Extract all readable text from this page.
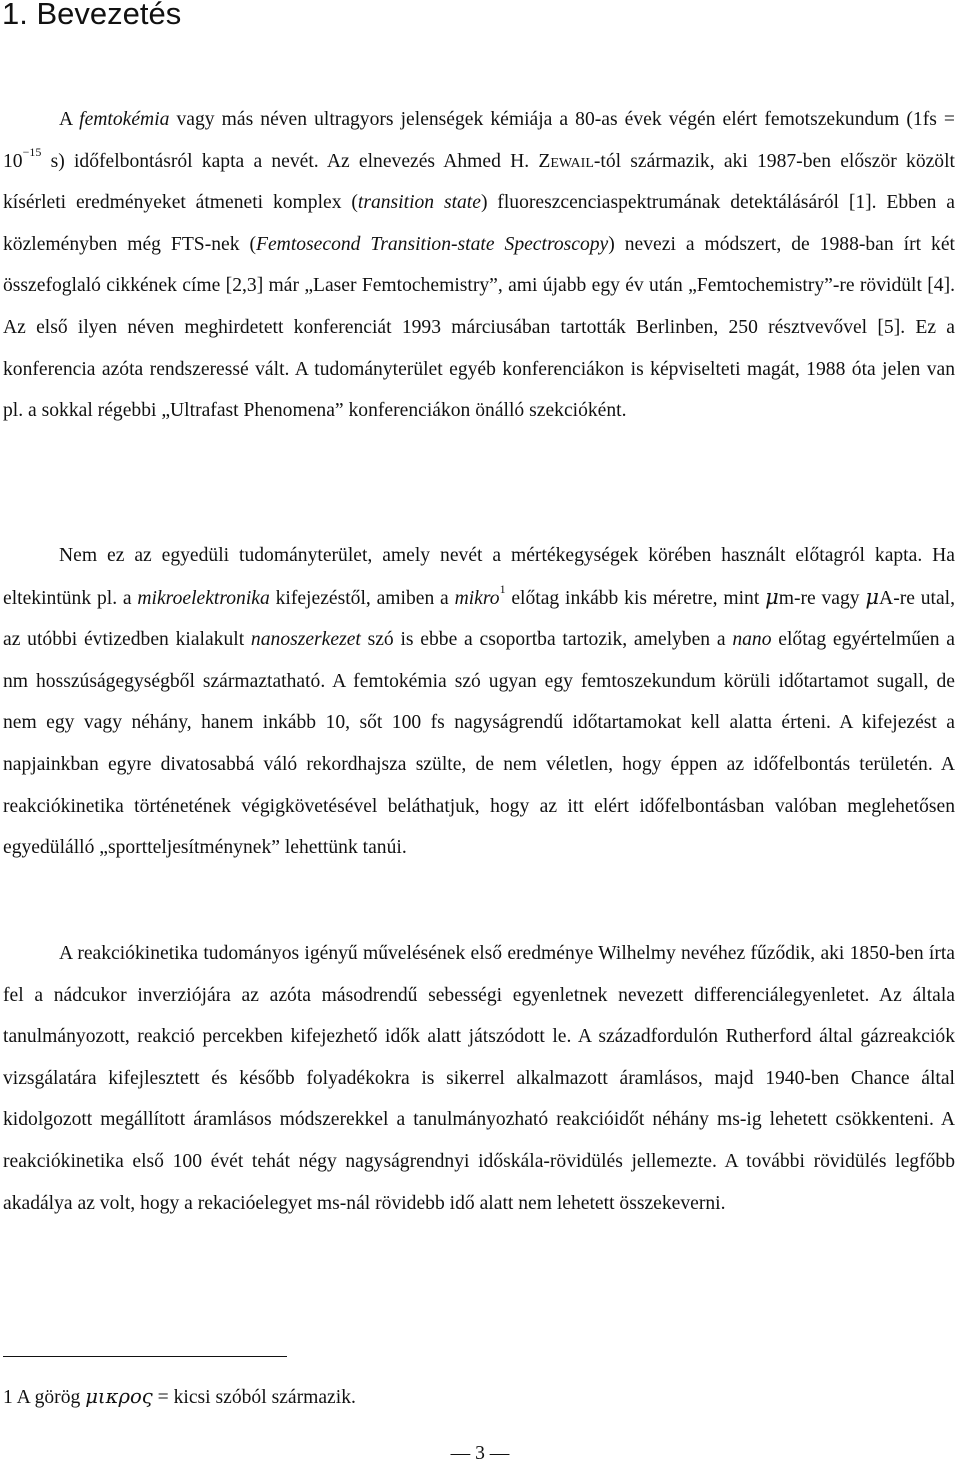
1. Bevezetés

A femtokémia vagy más néven ultragyors jelenségek kémiája a 80-as évek végén elért femotszekundum ($1fs = 10^{-15}$ s) időfelbontásról kapta a nevét. Az elnevezés Ahmed H. Zewail-tól származik, aki 1987-ben először közölt kísérleti eredményeket átmeneti komplex (transition state) fluoreszcenciaspektrumának detektálásáról [1]. Ebben a közleményben még FTS-nek (Femtosecond Transition-state Spectroscopy) nevezi a módszert, de 1988-ban írt két összefoglaló cikkének címe [2,3] már „Laser Femtochemistry”, ami újabb egy év után „Femtochemistry”-re rövidült [4]. Az első ilyen néven meghirdetett konferenciát 1993 márciusában tartották Berlinben, 250 résztvevővel [5]. Ez a konferencia azóta rendszeressé vált. A tudományterület egyéb konferenciákon is képviselteti magát, 1988 óta jelen van pl. a sokkal régebbi „Ultrafast Phenomena” konferenciákon önálló szekcióként.

Nem ez az egyedüli tudományterület, amely nevét a mértékegységek körében használt előtagról kapta. Ha eltekintünk pl. a mikroelektronika kifejezéstől, amiben a mikro$^1$ előtag inkább kis méretre, mint μm-re vagy μA-re utal, az utóbbi évtizedben kialakult nanoszerkezet szó is ebbe a csoportba tartozik, amelyben a nano előtag egyértelműen a nm hosszúságegységből származtatható. A femtokémia szó ugyan egy femtoszekundum körüli időtartamot sugall, de nem egy vagy néhány, hanem inkább 10, sőt 100 fs nagyságrendű időtartamokat kell alatta érteni. A kifejezést a napjainkban egyre divatosabbá váló rekordhajsza szülte, de nem véletlen, hogy éppen az időfelbontás területén. A reakciókinetika történetének végigkövetésével beláthatjuk, hogy az itt elért időfelbontásban valóban meglehetősen egyedülálló „sportteljesítménynek” lehettünk tanúi.

A reakciókinetika tudományos igényű művelésének első eredménye Wilhelmy nevéhez fűződik, aki 1850-ben írta fel a nádcukor inverziójára az azóta másodrendű sebességi egyenletnek nevezett differenciálegyenletet. Az általa tanulmányozott, reakció percekben kifejezhető idők alatt játszódott le. A századfordulón Rutherford által gázreakciók vizsgálatára kifejlesztett és később folyadékokra is sikerrel alkalmazott áramlásos, majd 1940-ben Chance által kidolgozott megállított áramlásos módszerekkel a tanulmányozható reakcióidőt néhány ms-ig lehetett csökkenteni. A reakciókinetika első 100 évét tehát négy nagyságrendnyi időskála-rövidülés jellemezte. A további rövidülés legfőbb akadálya az volt, hogy a rekacióelegyet ms-nál rövidebb idő alatt nem lehetett összekeverni.

1 A görög μικρος = kicsi szóból származik.

— 3 —
